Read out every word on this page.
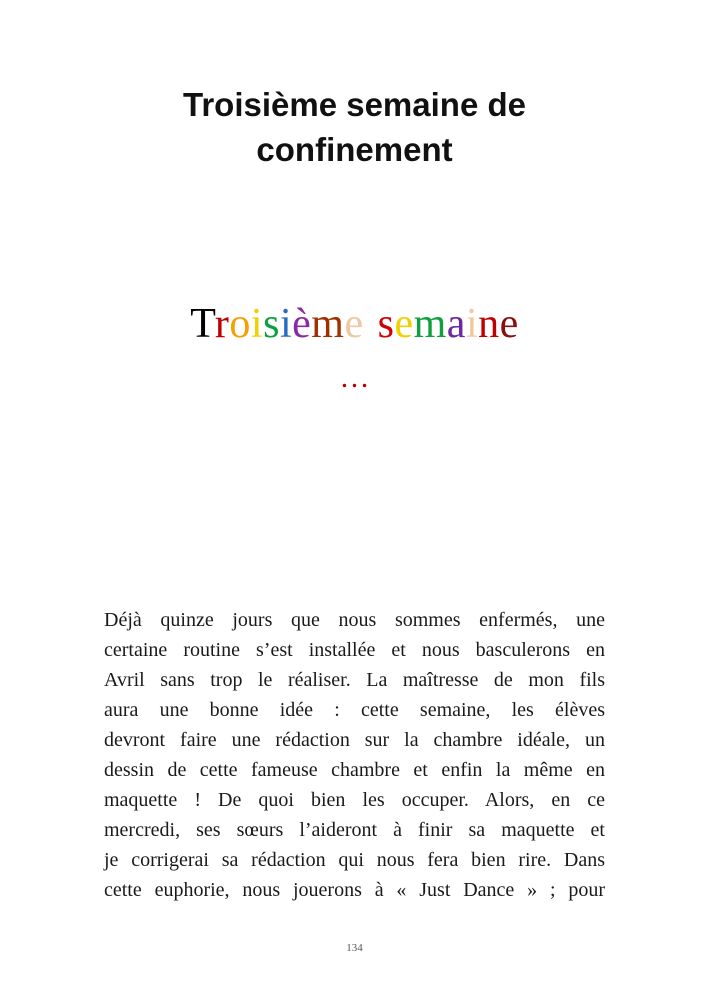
Troisième semaine de
confinement
Troisième semaine
…
Déjà quinze jours que nous sommes enfermés, une
certaine routine s’est installée et nous basculerons en
Avril sans trop le réaliser. La maîtresse de mon fils
aura une bonne idée : cette semaine, les élèves
devront faire une rédaction sur la chambre idéale, un
dessin de cette fameuse chambre et enfin la même en
maquette ! De quoi bien les occuper. Alors, en ce
mercredi, ses sœurs l’aideront à finir sa maquette et
je corrigerai sa rédaction qui nous fera bien rire. Dans
cette euphorie, nous jouerons à « Just Dance » ; pour
134
